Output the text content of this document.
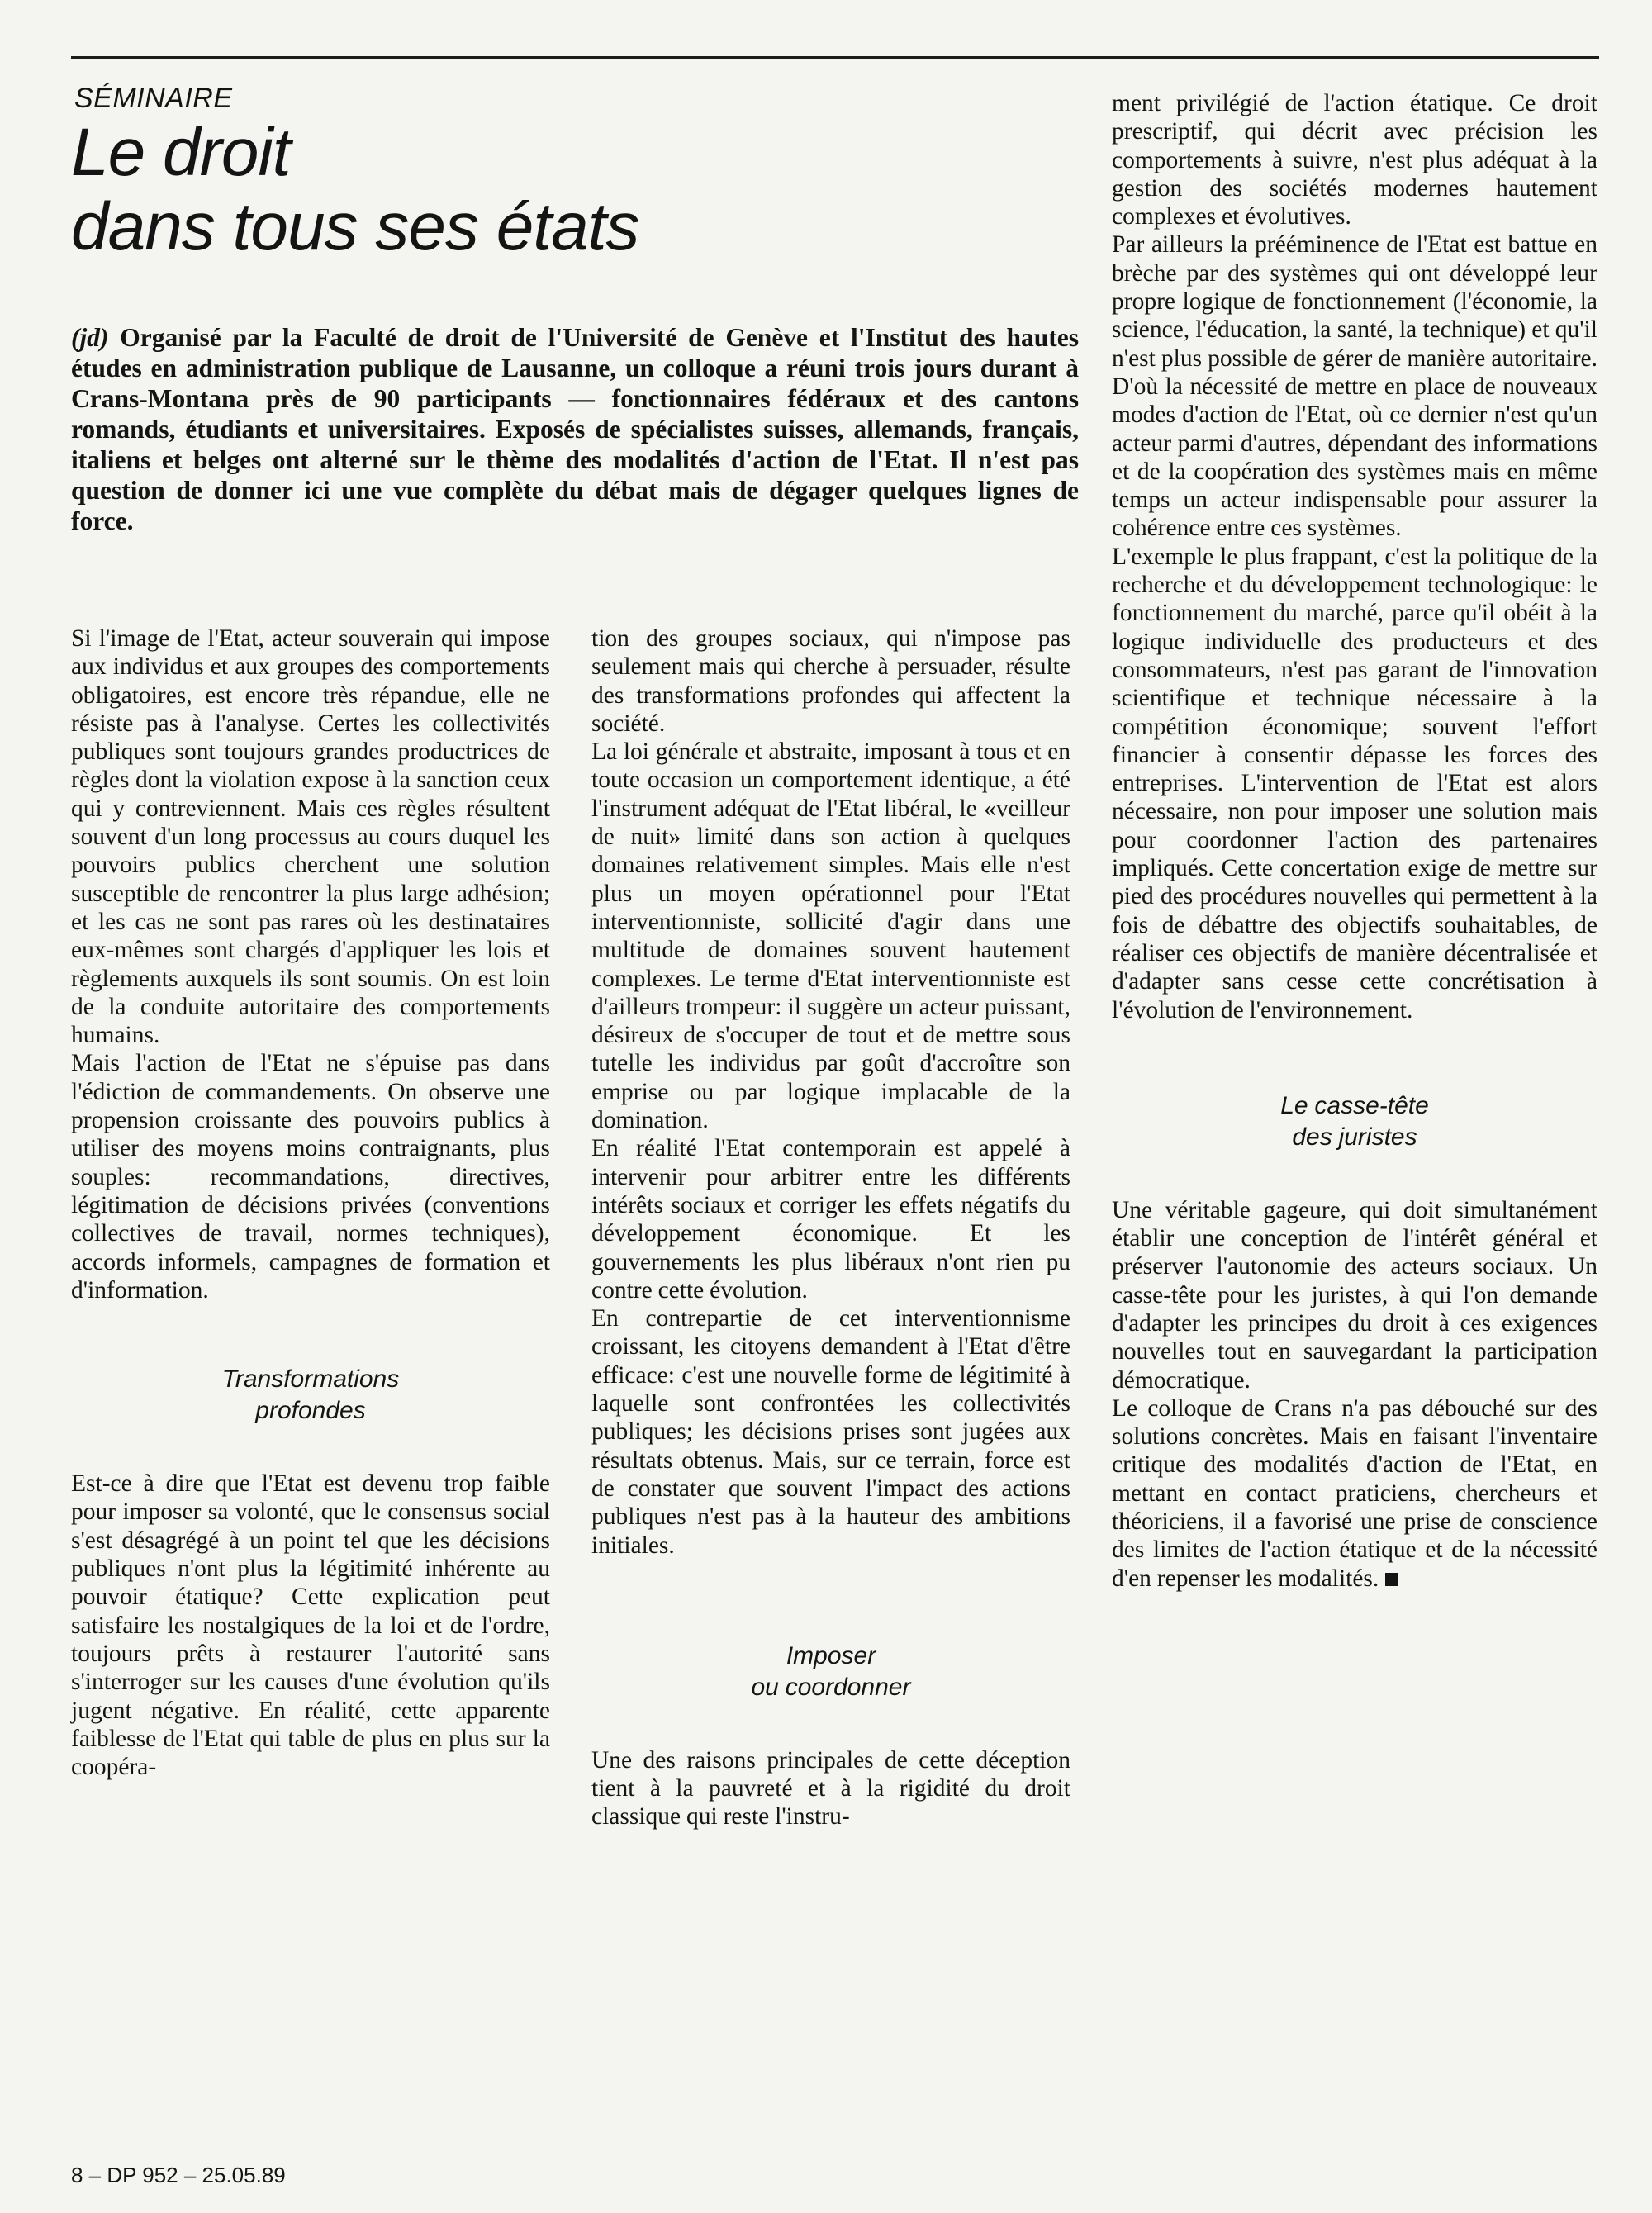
SÉMINAIRE
Le droit
dans tous ses états
(jd) Organisé par la Faculté de droit de l'Université de Genève et l'Institut des hautes études en administration publique de Lausanne, un colloque a réuni trois jours durant à Crans-Montana près de 90 participants — fonctionnaires fédéraux et des cantons romands, étudiants et universitaires. Exposés de spécialistes suisses, allemands, français, italiens et belges ont alterné sur le thème des modalités d'action de l'Etat. Il n'est pas question de donner ici une vue complète du débat mais de dégager quelques lignes de force.

Si l'image de l'Etat, acteur souverain qui impose aux individus et aux groupes des comportements obligatoires, est encore très répandue, elle ne résiste pas à l'analyse. Certes les collectivités publiques sont toujours grandes productrices de règles dont la violation expose à la sanction ceux qui y contreviennent. Mais ces règles résultent souvent d'un long processus au cours duquel les pouvoirs publics cherchent une solution susceptible de rencontrer la plus large adhésion; et les cas ne sont pas rares où les destinataires eux-mêmes sont chargés d'appliquer les lois et règlements auxquels ils sont soumis. On est loin de la conduite autoritaire des comportements humains.

Mais l'action de l'Etat ne s'épuise pas dans l'édiction de commandements. On observe une propension croissante des pouvoirs publics à utiliser des moyens moins contraignants, plus souples: recommandations, directives, légitimation de décisions privées (conventions collectives de travail, normes techniques), accords informels, campagnes de formation et d'information.

Transformations
profondes

Est-ce à dire que l'Etat est devenu trop faible pour imposer sa volonté, que le consensus social s'est désagrégé à un point tel que les décisions publiques n'ont plus la légitimité inhérente au pouvoir étatique? Cette explication peut satisfaire les nostalgiques de la loi et de l'ordre, toujours prêts à restaurer l'autorité sans s'interroger sur les causes d'une évolution qu'ils jugent négative. En réalité, cette apparente faiblesse de l'Etat qui table de plus en plus sur la coopéra-

tion des groupes sociaux, qui n'impose pas seulement mais qui cherche à persuader, résulte des transformations profondes qui affectent la société.

La loi générale et abstraite, imposant à tous et en toute occasion un comportement identique, a été l'instrument adéquat de l'Etat libéral, le «veilleur de nuit» limité dans son action à quelques domaines relativement simples. Mais elle n'est plus un moyen opérationnel pour l'Etat interventionniste, sollicité d'agir dans une multitude de domaines souvent hautement complexes. Le terme d'Etat interventionniste est d'ailleurs trompeur: il suggère un acteur puissant, désireux de s'occuper de tout et de mettre sous tutelle les individus par goût d'accroître son emprise ou par logique implacable de la domination.

En réalité l'Etat contemporain est appelé à intervenir pour arbitrer entre les différents intérêts sociaux et corriger les effets négatifs du développement économique. Et les gouvernements les plus libéraux n'ont rien pu contre cette évolution.

En contrepartie de cet interventionnisme croissant, les citoyens demandent à l'Etat d'être efficace: c'est une nouvelle forme de légitimité à laquelle sont confrontées les collectivités publiques; les décisions prises sont jugées aux résultats obtenus. Mais, sur ce terrain, force est de constater que souvent l'impact des actions publiques n'est pas à la hauteur des ambitions initiales.

Imposer
ou coordonner

Une des raisons principales de cette déception tient à la pauvreté et à la rigidité du droit classique qui reste l'instru-

ment privilégié de l'action étatique. Ce droit prescriptif, qui décrit avec précision les comportements à suivre, n'est plus adéquat à la gestion des sociétés modernes hautement complexes et évolutives.

Par ailleurs la prééminence de l'Etat est battue en brèche par des systèmes qui ont développé leur propre logique de fonctionnement (l'économie, la science, l'éducation, la santé, la technique) et qu'il n'est plus possible de gérer de manière autoritaire. D'où la nécessité de mettre en place de nouveaux modes d'action de l'Etat, où ce dernier n'est qu'un acteur parmi d'autres, dépendant des informations et de la coopération des systèmes mais en même temps un acteur indispensable pour assurer la cohérence entre ces systèmes.

L'exemple le plus frappant, c'est la politique de la recherche et du développement technologique: le fonctionnement du marché, parce qu'il obéit à la logique individuelle des producteurs et des consommateurs, n'est pas garant de l'innovation scientifique et technique nécessaire à la compétition économique; souvent l'effort financier à consentir dépasse les forces des entreprises. L'intervention de l'Etat est alors nécessaire, non pour imposer une solution mais pour coordonner l'action des partenaires impliqués. Cette concertation exige de mettre sur pied des procédures nouvelles qui permettent à la fois de débattre des objectifs souhaitables, de réaliser ces objectifs de manière décentralisée et d'adapter sans cesse cette concrétisation à l'évolution de l'environnement.

Le casse-tête
des juristes

Une véritable gageure, qui doit simultanément établir une conception de l'intérêt général et préserver l'autonomie des acteurs sociaux. Un casse-tête pour les juristes, à qui l'on demande d'adapter les principes du droit à ces exigences nouvelles tout en sauvegardant la participation démocratique.

Le colloque de Crans n'a pas débouché sur des solutions concrètes. Mais en faisant l'inventaire critique des modalités d'action de l'Etat, en mettant en contact praticiens, chercheurs et théoriciens, il a favorisé une prise de conscience des limites de l'action étatique et de la nécessité d'en repenser les modalités.

8 – DP 952 – 25.05.89
